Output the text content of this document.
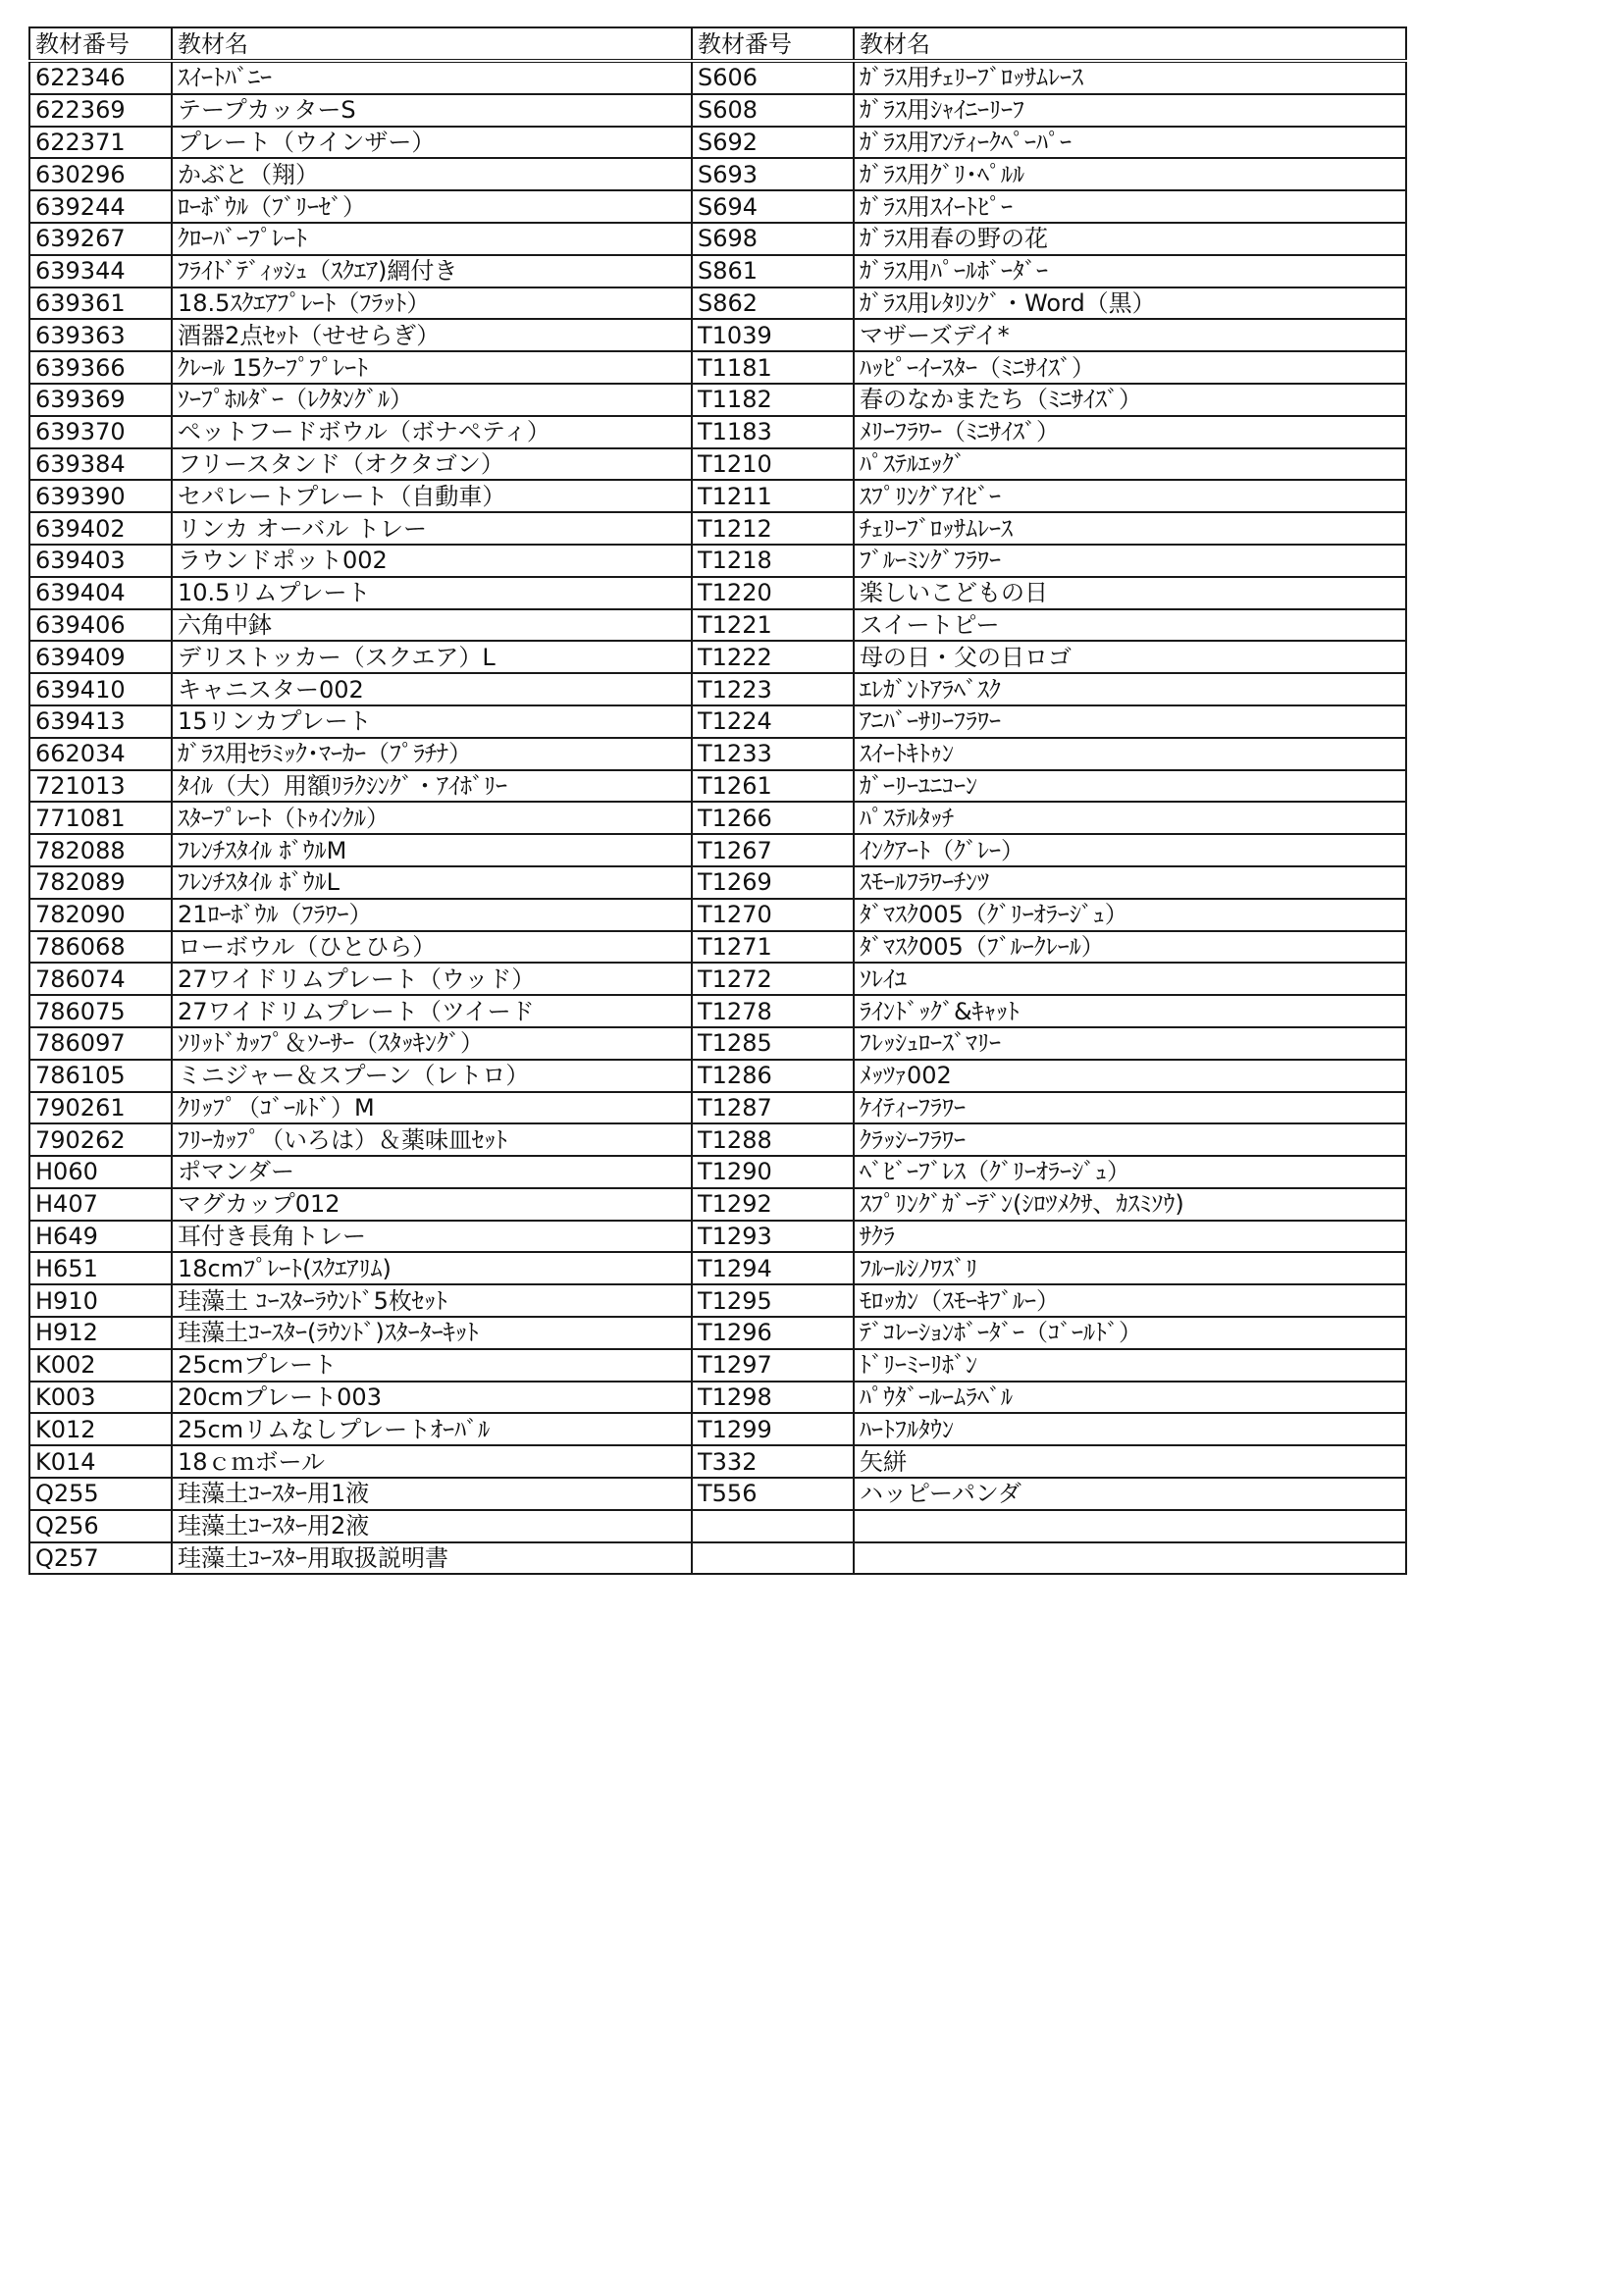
教材番号	教材名	教材番号	教材名
622346	ｽｲｰﾄﾊﾞﾆｰ	S606	ｶﾞﾗｽ用ﾁｪﾘｰﾌﾞﾛｯｻﾑﾚｰｽ
622369	テープカッターS	S608	ｶﾞﾗｽ用ｼｬｲﾆｰﾘｰﾌ
622371	プレート（ウインザー）	S692	ｶﾞﾗｽ用ｱﾝﾃｨｰｸﾍﾟｰﾊﾟｰ
630296	かぶと（翔）	S693	ｶﾞﾗｽ用ｸﾞﾘ･ﾍﾟﾙﾙ
639244	ﾛｰﾎﾞｳﾙ（ﾌﾞﾘｰｾﾞ）	S694	ｶﾞﾗｽ用ｽｲｰﾄﾋﾟｰ
639267	ｸﾛｰﾊﾞｰﾌﾟﾚｰﾄ	S698	ｶﾞﾗｽ用春の野の花
639344	ﾌﾗｲﾄﾞﾃﾞｨｯｼｭ（ｽｸｴｱ)網付き	S861	ｶﾞﾗｽ用ﾊﾟｰﾙﾎﾞｰﾀﾞｰ
639361	18.5ｽｸｴｱﾌﾟﾚｰﾄ（ﾌﾗｯﾄ）	S862	ｶﾞﾗｽ用ﾚﾀﾘﾝｸﾞ・Word（黒）
639363	酒器2点ｾｯﾄ（せせらぎ）	T1039	マザーズデイ*
639366	ｸﾚｰﾙ 15ｸｰﾌﾟﾌﾟﾚｰﾄ	T1181	ﾊｯﾋﾟｰｲｰｽﾀｰ（ﾐﾆｻｲｽﾞ）
639369	ｿｰﾌﾟﾎﾙﾀﾞｰ（ﾚｸﾀﾝｸﾞﾙ）	T1182	春のなかまたち（ﾐﾆｻｲｽﾞ）
639370	ペットフードボウル（ボナペティ）	T1183	ﾒﾘｰﾌﾗﾜｰ（ﾐﾆｻｲｽﾞ）
639384	フリースタンド（オクタゴン）	T1210	ﾊﾟｽﾃﾙｴｯｸﾞ
639390	セパレートプレート（自動車）	T1211	ｽﾌﾟﾘﾝｸﾞｱｲﾋﾞｰ
639402	リンカ オーバル トレー	T1212	ﾁｪﾘｰﾌﾞﾛｯｻﾑﾚｰｽ
639403	ラウンドポット002	T1218	ﾌﾞﾙｰﾐﾝｸﾞﾌﾗﾜｰ
639404	10.5リムプレート	T1220	楽しいこどもの日
639406	六角中鉢	T1221	スイートピー
639409	デリストッカー（スクエア）L	T1222	母の日・父の日ロゴ
639410	キャニスター002	T1223	ｴﾚｶﾞﾝﾄｱﾗﾍﾞｽｸ
639413	15リンカプレート	T1224	ｱﾆﾊﾞｰｻﾘｰﾌﾗﾜｰ
662034	ｶﾞﾗｽ用ｾﾗﾐｯｸ･ﾏｰｶｰ（ﾌﾟﾗﾁﾅ）	T1233	ｽｲｰﾄｷﾄｩﾝ
721013	ﾀｲﾙ（大）用額ﾘﾗｸｼﾝｸﾞ・ｱｲﾎﾞﾘｰ	T1261	ｶﾞｰﾘｰﾕﾆｺｰﾝ
771081	ｽﾀｰﾌﾟﾚｰﾄ（ﾄｩｲﾝｸﾙ）	T1266	ﾊﾟｽﾃﾙﾀｯﾁ
782088	ﾌﾚﾝﾁｽﾀｲﾙ ﾎﾞｳﾙM	T1267	ｲﾝｸｱｰﾄ（ｸﾞﾚｰ）
782089	ﾌﾚﾝﾁｽﾀｲﾙ ﾎﾞｳﾙL	T1269	ｽﾓｰﾙﾌﾗﾜｰﾁﾝﾂ
782090	21ﾛｰﾎﾞｳﾙ（ﾌﾗﾜｰ）	T1270	ﾀﾞﾏｽｸ005（ｸﾞﾘｰｵﾗｰｼﾞｭ）
786068	ローボウル（ひとひら）	T1271	ﾀﾞﾏｽｸ005（ﾌﾞﾙｰｸﾚｰﾙ）
786074	27ワイドリムプレート（ウッド）	T1272	ｿﾚｲﾕ
786075	27ワイドリムプレート（ツイード	T1278	ﾗｲﾝﾄﾞｯｸﾞ&ｷｬｯﾄ
786097	ｿﾘｯﾄﾞｶｯﾌﾟ＆ｿｰｻｰ（ｽﾀｯｷﾝｸﾞ）	T1285	ﾌﾚｯｼｭﾛｰｽﾞﾏﾘｰ
786105	ミニジャー＆スプーン（レトロ）	T1286	ﾒｯﾂｧ002
790261	ｸﾘｯﾌﾟ（ｺﾞｰﾙﾄﾞ）M	T1287	ｹｲﾃｨｰﾌﾗﾜｰ
790262	ﾌﾘｰｶｯﾌﾟ（いろは）＆薬味皿ｾｯﾄ	T1288	ｸﾗｯｼｰﾌﾗﾜｰ
H060	ポマンダー	T1290	ﾍﾞﾋﾞｰﾌﾞﾚｽ（ｸﾞﾘｰｵﾗｰｼﾞｭ）
H407	マグカップ012	T1292	ｽﾌﾟﾘﾝｸﾞｶﾞｰﾃﾞﾝ(ｼﾛﾂﾒｸｻ、ｶｽﾐｿｳ)
H649	耳付き長角トレー	T1293	ｻｸﾗ
H651	18cmﾌﾟﾚｰﾄ(ｽｸｴｱﾘﾑ)	T1294	ﾌﾙｰﾙｼﾉﾜｽﾞﾘ
H910	珪藻土 ｺｰｽﾀｰﾗｳﾝﾄﾞ5枚ｾｯﾄ	T1295	ﾓﾛｯｶﾝ（ｽﾓｰｷﾌﾞﾙｰ）
H912	珪藻土ｺｰｽﾀｰ(ﾗｳﾝﾄﾞ)ｽﾀｰﾀｰｷｯﾄ	T1296	ﾃﾞｺﾚｰｼｮﾝﾎﾞｰﾀﾞｰ（ｺﾞｰﾙﾄﾞ）
K002	25cmプレート	T1297	ﾄﾞﾘｰﾐｰﾘﾎﾞﾝ
K003	20cmプレート003	T1298	ﾊﾟｳﾀﾞｰﾙｰﾑﾗﾍﾞﾙ
K012	25cmリムなしプレートｵｰﾊﾞﾙ	T1299	ﾊｰﾄﾌﾙﾀｳﾝ
K014	18ｃｍボール	T332	矢絣
Q255	珪藻土ｺｰｽﾀｰ用1液	T556	ハッピーパンダ
Q256	珪藻土ｺｰｽﾀｰ用2液		
Q257	珪藻土ｺｰｽﾀｰ用取扱説明書		
